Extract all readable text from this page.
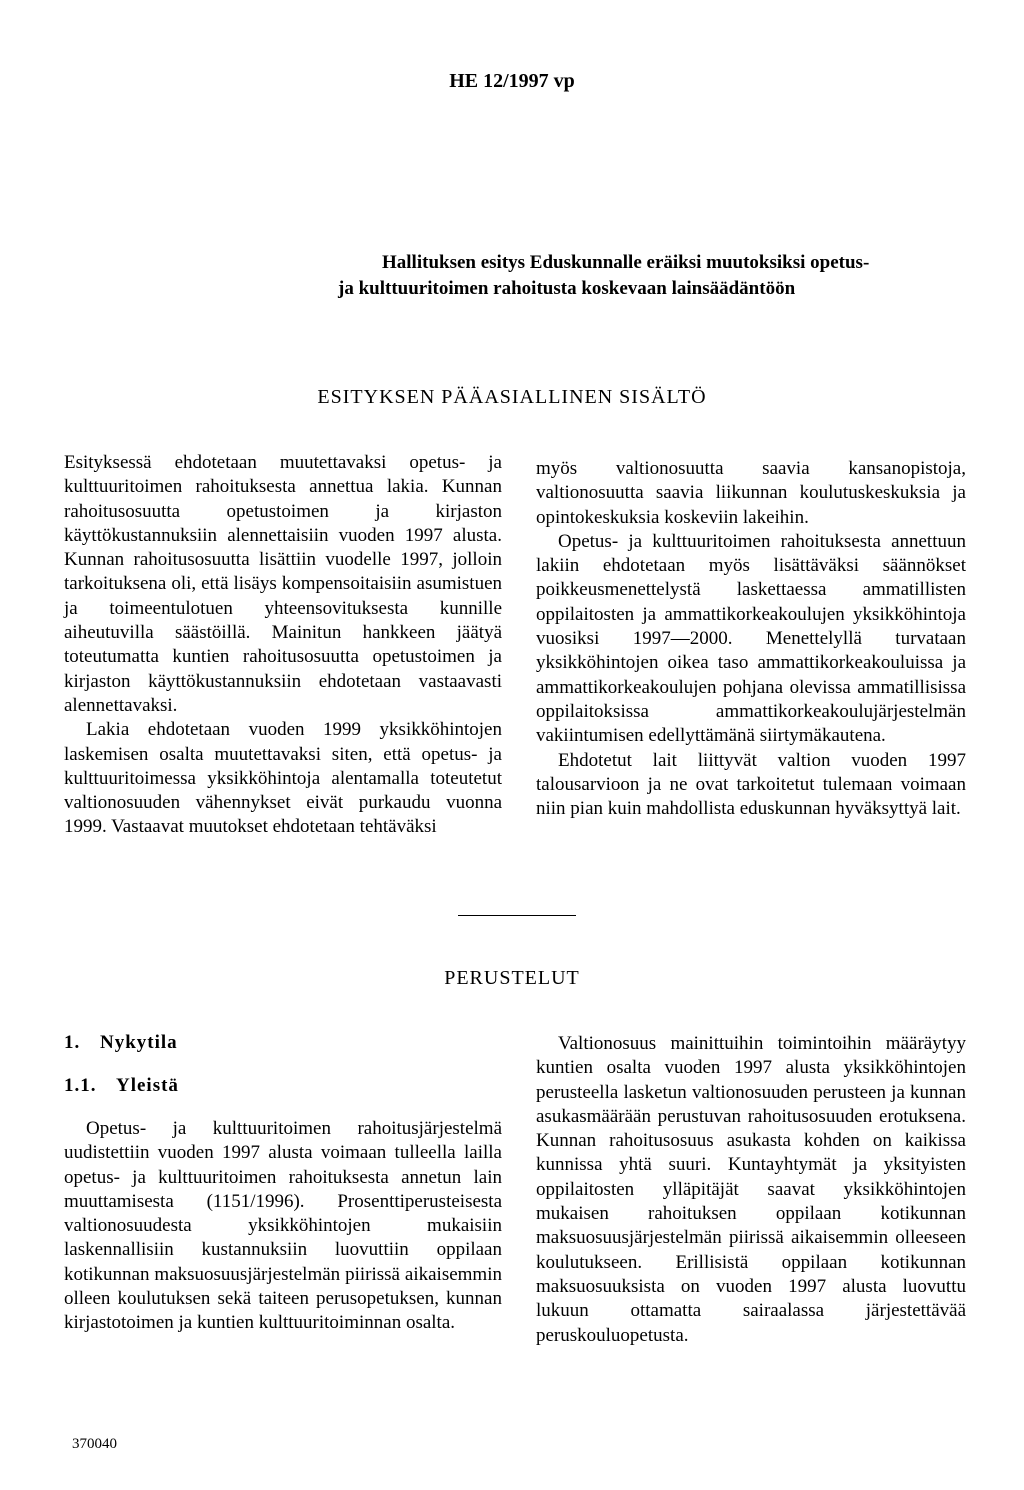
HE 12/1997 vp
Hallituksen esitys Eduskunnalle eräiksi muutoksiksi opetus-
ja kulttuuritoimen rahoitusta koskevaan lainsäädäntöön
ESITYKSEN PÄÄASIALLINEN SISÄLTÖ

Esityksessä ehdotetaan muutettavaksi opetus- ja kulttuuritoimen rahoituksesta annettua lakia. Kunnan rahoitusosuutta opetustoimen ja kirjaston käyttökustannuksiin alennettaisiin vuoden 1997 alusta. Kunnan rahoitusosuutta lisättiin vuodelle 1997, jolloin tarkoituksena oli, että lisäys kompensoitaisiin asumistuen ja toimeentulotuen yhteensovituksesta kunnille aiheutuvilla säästöillä. Mainitun hankkeen jäätyä toteutumatta kuntien rahoitusosuutta opetustoimen ja kirjaston käyttökustannuksiin ehdotetaan vastaavasti alennettavaksi.

Lakia ehdotetaan vuoden 1999 yksikköhintojen laskemisen osalta muutettavaksi siten, että opetus- ja kulttuuritoimessa yksikköhintoja alentamalla toteutetut valtionosuuden vähennykset eivät purkaudu vuonna 1999. Vastaavat muutokset ehdotetaan tehtäväksi

myös valtionosuutta saavia kansanopistoja, valtionosuutta saavia liikunnan koulutuskeskuksia ja opintokeskuksia koskeviin lakeihin.

Opetus- ja kulttuuritoimen rahoituksesta annettuun lakiin ehdotetaan myös lisättäväksi säännökset poikkeusmenettelystä laskettaessa ammatillisten oppilaitosten ja ammattikorkeakoulujen yksikköhintoja vuosiksi 1997—2000. Menettelyllä turvataan yksikköhintojen oikea taso ammattikorkeakouluissa ja ammattikorkeakoulujen pohjana olevissa ammatillisissa oppilaitoksissa ammattikorkeakoulujärjestelmän vakiintumisen edellyttämänä siirtymäkautena.

Ehdotetut lait liittyvät valtion vuoden 1997 talousarvioon ja ne ovat tarkoitetut tulemaan voimaan niin pian kuin mahdollista eduskunnan hyväksyttyä lait.

PERUSTELUT
1. Nykytila
1.1. Yleistä

Opetus- ja kulttuuritoimen rahoitusjärjestelmä uudistettiin vuoden 1997 alusta voimaan tulleella lailla opetus- ja kulttuuritoimen rahoituksesta annetun lain muuttamisesta (1151/1996). Prosenttiperusteisesta valtionosuudesta yksikköhintojen mukaisiin laskennallisiin kustannuksiin luovuttiin oppilaan kotikunnan maksuosuusjärjestelmän piirissä aikaisemmin olleen koulutuksen sekä taiteen perusopetuksen, kunnan kirjastotoimen ja kuntien kulttuuritoiminnan osalta.

Valtionosuus mainittuihin toimintoihin määräytyy kuntien osalta vuoden 1997 alusta yksikköhintojen perusteella lasketun valtionosuuden perusteen ja kunnan asukasmäärään perustuvan rahoitusosuuden erotuksena. Kunnan rahoitusosuus asukasta kohden on kaikissa kunnissa yhtä suuri. Kuntayhtymät ja yksityisten oppilaitosten ylläpitäjät saavat yksikköhintojen mukaisen rahoituksen oppilaan kotikunnan maksuosuusjärjestelmän piirissä aikaisemmin olleeseen koulutukseen. Erillisistä oppilaan kotikunnan maksuosuuksista on vuoden 1997 alusta luovuttu lukuun ottamatta sairaalassa järjestettävää peruskouluopetusta.

370040
